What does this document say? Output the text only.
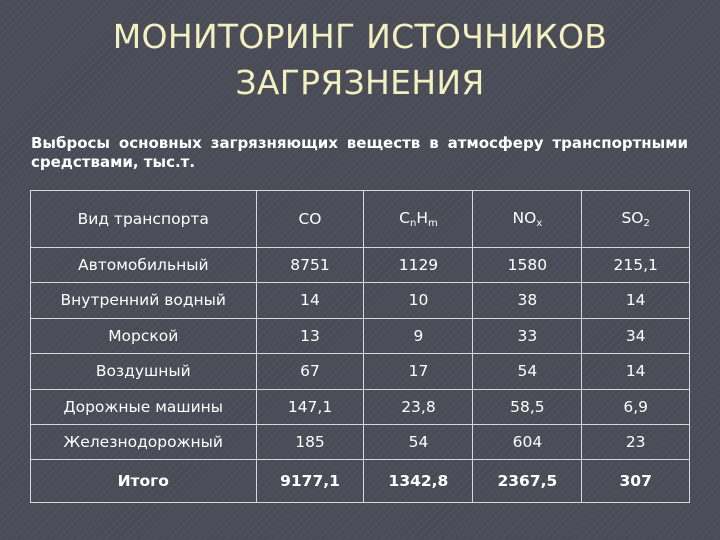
МОНИТОРИНГ ИСТОЧНИКОВ
ЗАГРЯЗНЕНИЯ
Выбросы основных загрязняющих веществ в атмосферу транспортными средствами, тыс.т.
Вид транспорта	CO	$C_nH_m$	$NO_x$	$SO_2$
Автомобильный	8751	1129	1580	215,1
Внутренний водный	14	10	38	14
Морской	13	9	33	34
Воздушный	67	17	54	14
Дорожные машины	147,1	23,8	58,5	6,9
Железнодорожный	185	54	604	23
Итого	9177,1	1342,8	2367,5	307
